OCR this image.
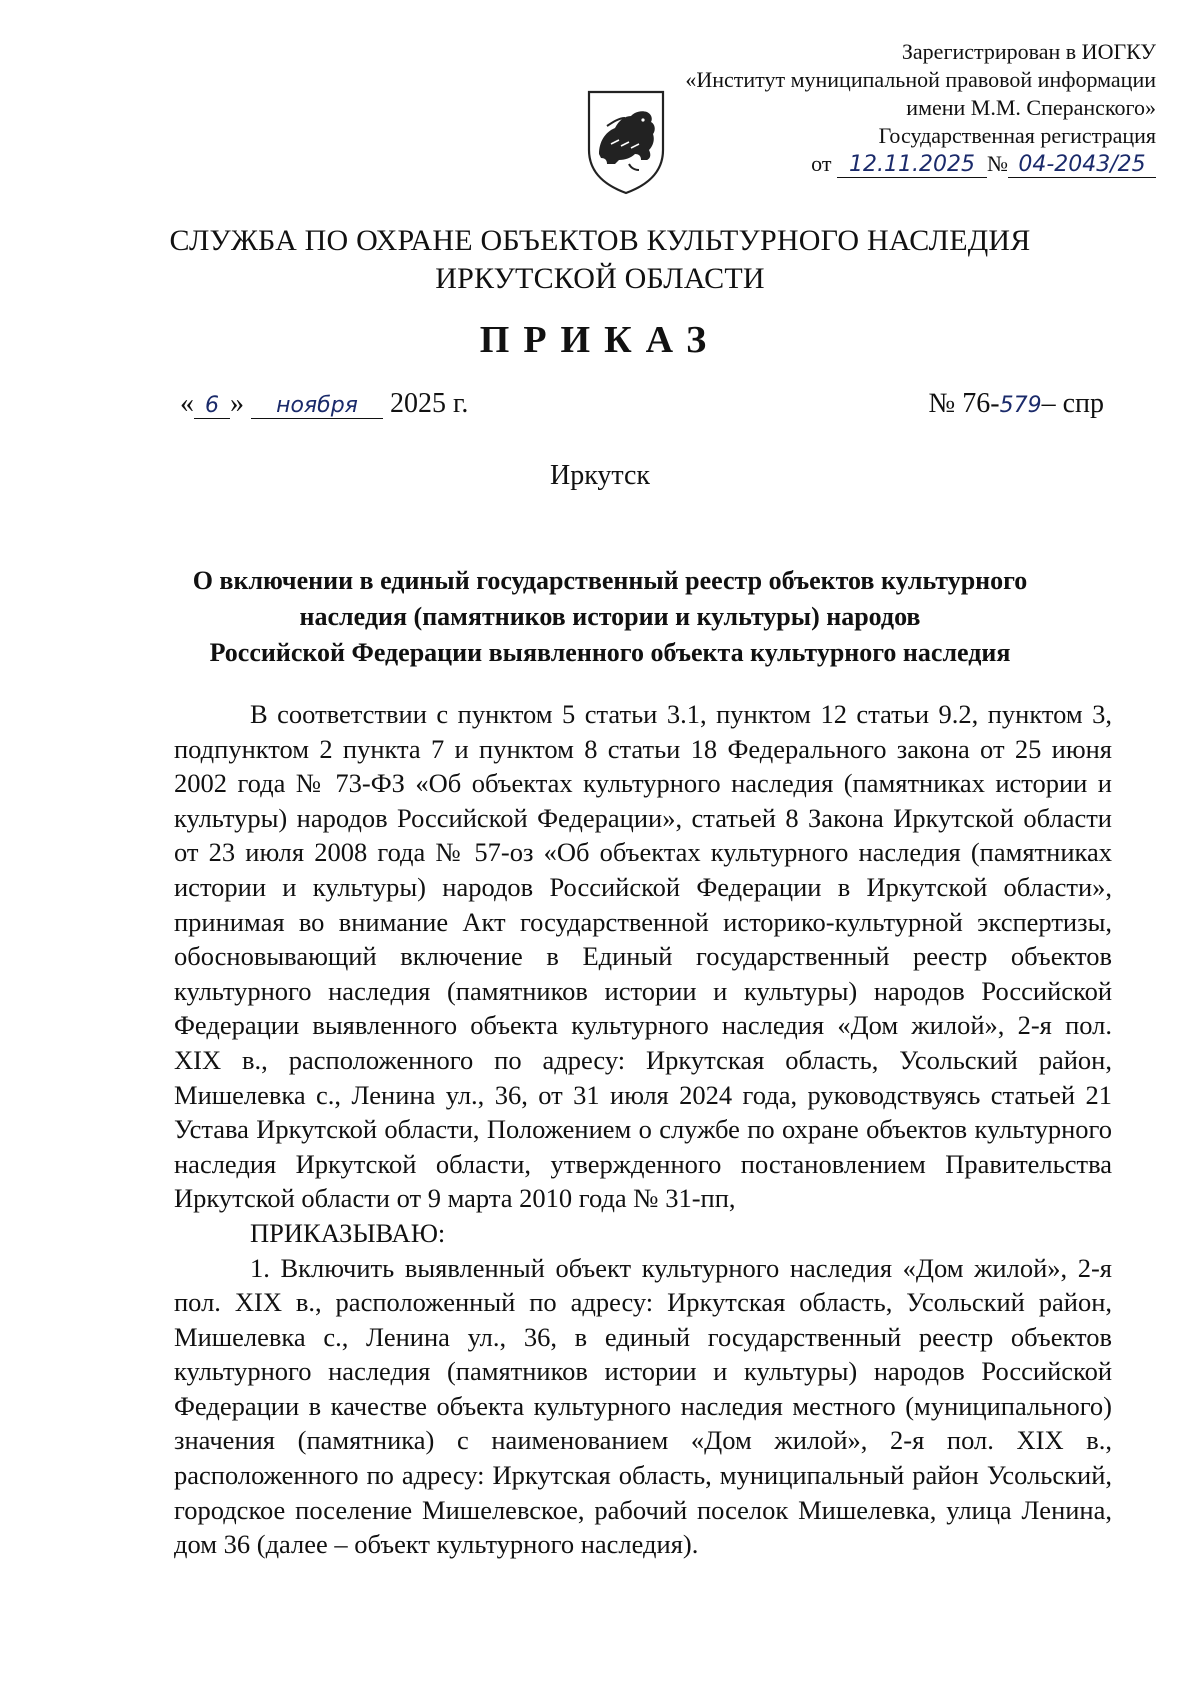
Зарегистрирован в ИОГКУ
«Институт муниципальной правовой информации
имени М.М. Сперанского»
Государственная регистрация
от 12.11.2025 № 04-2043/25
СЛУЖБА ПО ОХРАНЕ ОБЪЕКТОВ КУЛЬТУРНОГО НАСЛЕДИЯ
ИРКУТСКОЙ ОБЛАСТИ
ПРИКАЗ
« 6 » ноября 2025 г.	№ 76-579– спр
Иркутск
О включении в единый государственный реестр объектов культурного
наследия (памятников истории и культуры) народов
Российской Федерации выявленного объекта культурного наследия

В соответствии с пунктом 5 статьи 3.1, пунктом 12 статьи 9.2, пунктом 3, подпунктом 2 пункта 7 и пунктом 8 статьи 18 Федерального закона от 25 июня 2002 года № 73-ФЗ «Об объектах культурного наследия (памятниках истории и культуры) народов Российской Федерации», статьей 8 Закона Иркутской области от 23 июля 2008 года № 57-оз «Об объектах культурного наследия (памятниках истории и культуры) народов Российской Федерации в Иркутской области», принимая во внимание Акт государственной историко-культурной экспертизы, обосновывающий включение в Единый государственный реестр объектов культурного наследия (памятников истории и культуры) народов Российской Федерации выявленного объекта культурного наследия «Дом жилой», 2-я пол. XIX в., расположенного по адресу: Иркутская область, Усольский район, Мишелевка с., Ленина ул., 36, от 31 июля 2024 года, руководствуясь статьей 21 Устава Иркутской области, Положением о службе по охране объектов культурного наследия Иркутской области, утвержденного постановлением Правительства Иркутской области от 9 марта 2010 года № 31-пп,

ПРИКАЗЫВАЮ:

1. Включить выявленный объект культурного наследия «Дом жилой», 2-я пол. XIX в., расположенный по адресу: Иркутская область, Усольский район, Мишелевка с., Ленина ул., 36, в единый государственный реестр объектов культурного наследия (памятников истории и культуры) народов Российской Федерации в качестве объекта культурного наследия местного (муниципального) значения (памятника) с наименованием «Дом жилой», 2-я пол. XIX в., расположенного по адресу: Иркутская область, муниципальный район Усольский, городское поселение Мишелевское, рабочий поселок Мишелевка, улица Ленина, дом 36 (далее – объект культурного наследия).
